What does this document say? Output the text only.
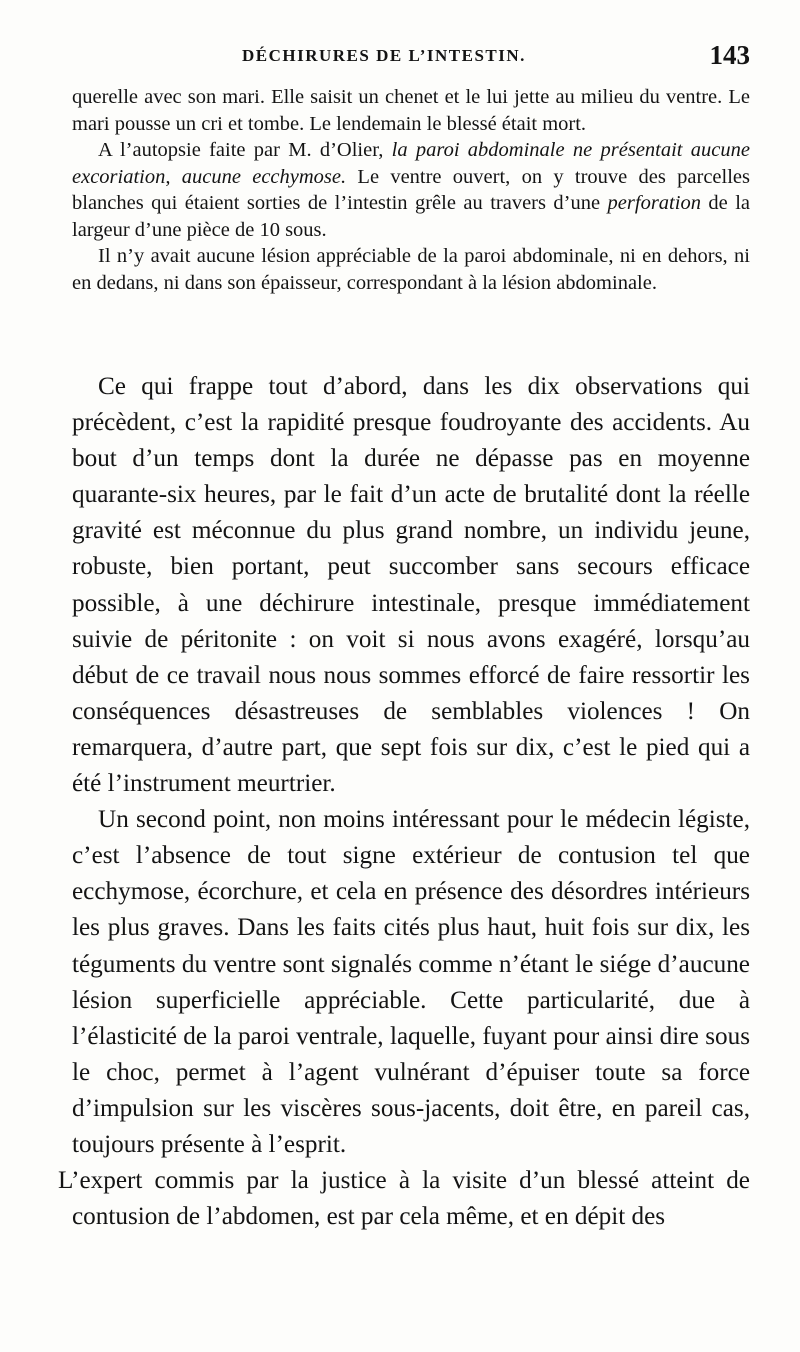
DÉCHIRURES DE L’INTESTIN.	143

querelle avec son mari. Elle saisit un chenet et le lui jette au milieu du ventre. Le mari pousse un cri et tombe. Le lendemain le blessé était mort.

A l’autopsie faite par M. d’Olier, la paroi abdominale ne présentait aucune excoriation, aucune ecchymose. Le ventre ouvert, on y trouve des parcelles blanches qui étaient sorties de l’intestin grêle au travers d’une perforation de la largeur d’une pièce de 10 sous.

Il n’y avait aucune lésion appréciable de la paroi abdominale, ni en dehors, ni en dedans, ni dans son épaisseur, correspondant à la lésion abdominale.

Ce qui frappe tout d’abord, dans les dix observations qui précèdent, c’est la rapidité presque foudroyante des accidents. Au bout d’un temps dont la durée ne dépasse pas en moyenne quarante-six heures, par le fait d’un acte de brutalité dont la réelle gravité est méconnue du plus grand nombre, un individu jeune, robuste, bien portant, peut succomber sans secours efficace possible, à une déchirure intestinale, presque immédiatement suivie de péritonite : on voit si nous avons exagéré, lorsqu’au début de ce travail nous nous sommes efforcé de faire ressortir les conséquences désastreuses de semblables violences ! On remarquera, d’autre part, que sept fois sur dix, c’est le pied qui a été l’instrument meurtrier.

Un second point, non moins intéressant pour le médecin légiste, c’est l’absence de tout signe extérieur de contusion tel que ecchymose, écorchure, et cela en présence des désordres intérieurs les plus graves. Dans les faits cités plus haut, huit fois sur dix, les téguments du ventre sont signalés comme n’étant le siége d’aucune lésion superficielle appréciable. Cette particularité, due à l’élasticité de la paroi ventrale, laquelle, fuyant pour ainsi dire sous le choc, permet à l’agent vulnérant d’épuiser toute sa force d’impulsion sur les viscères sous-jacents, doit être, en pareil cas, toujours présente à l’esprit.

L’expert commis par la justice à la visite d’un blessé atteint de contusion de l’abdomen, est par cela même, et en dépit des
